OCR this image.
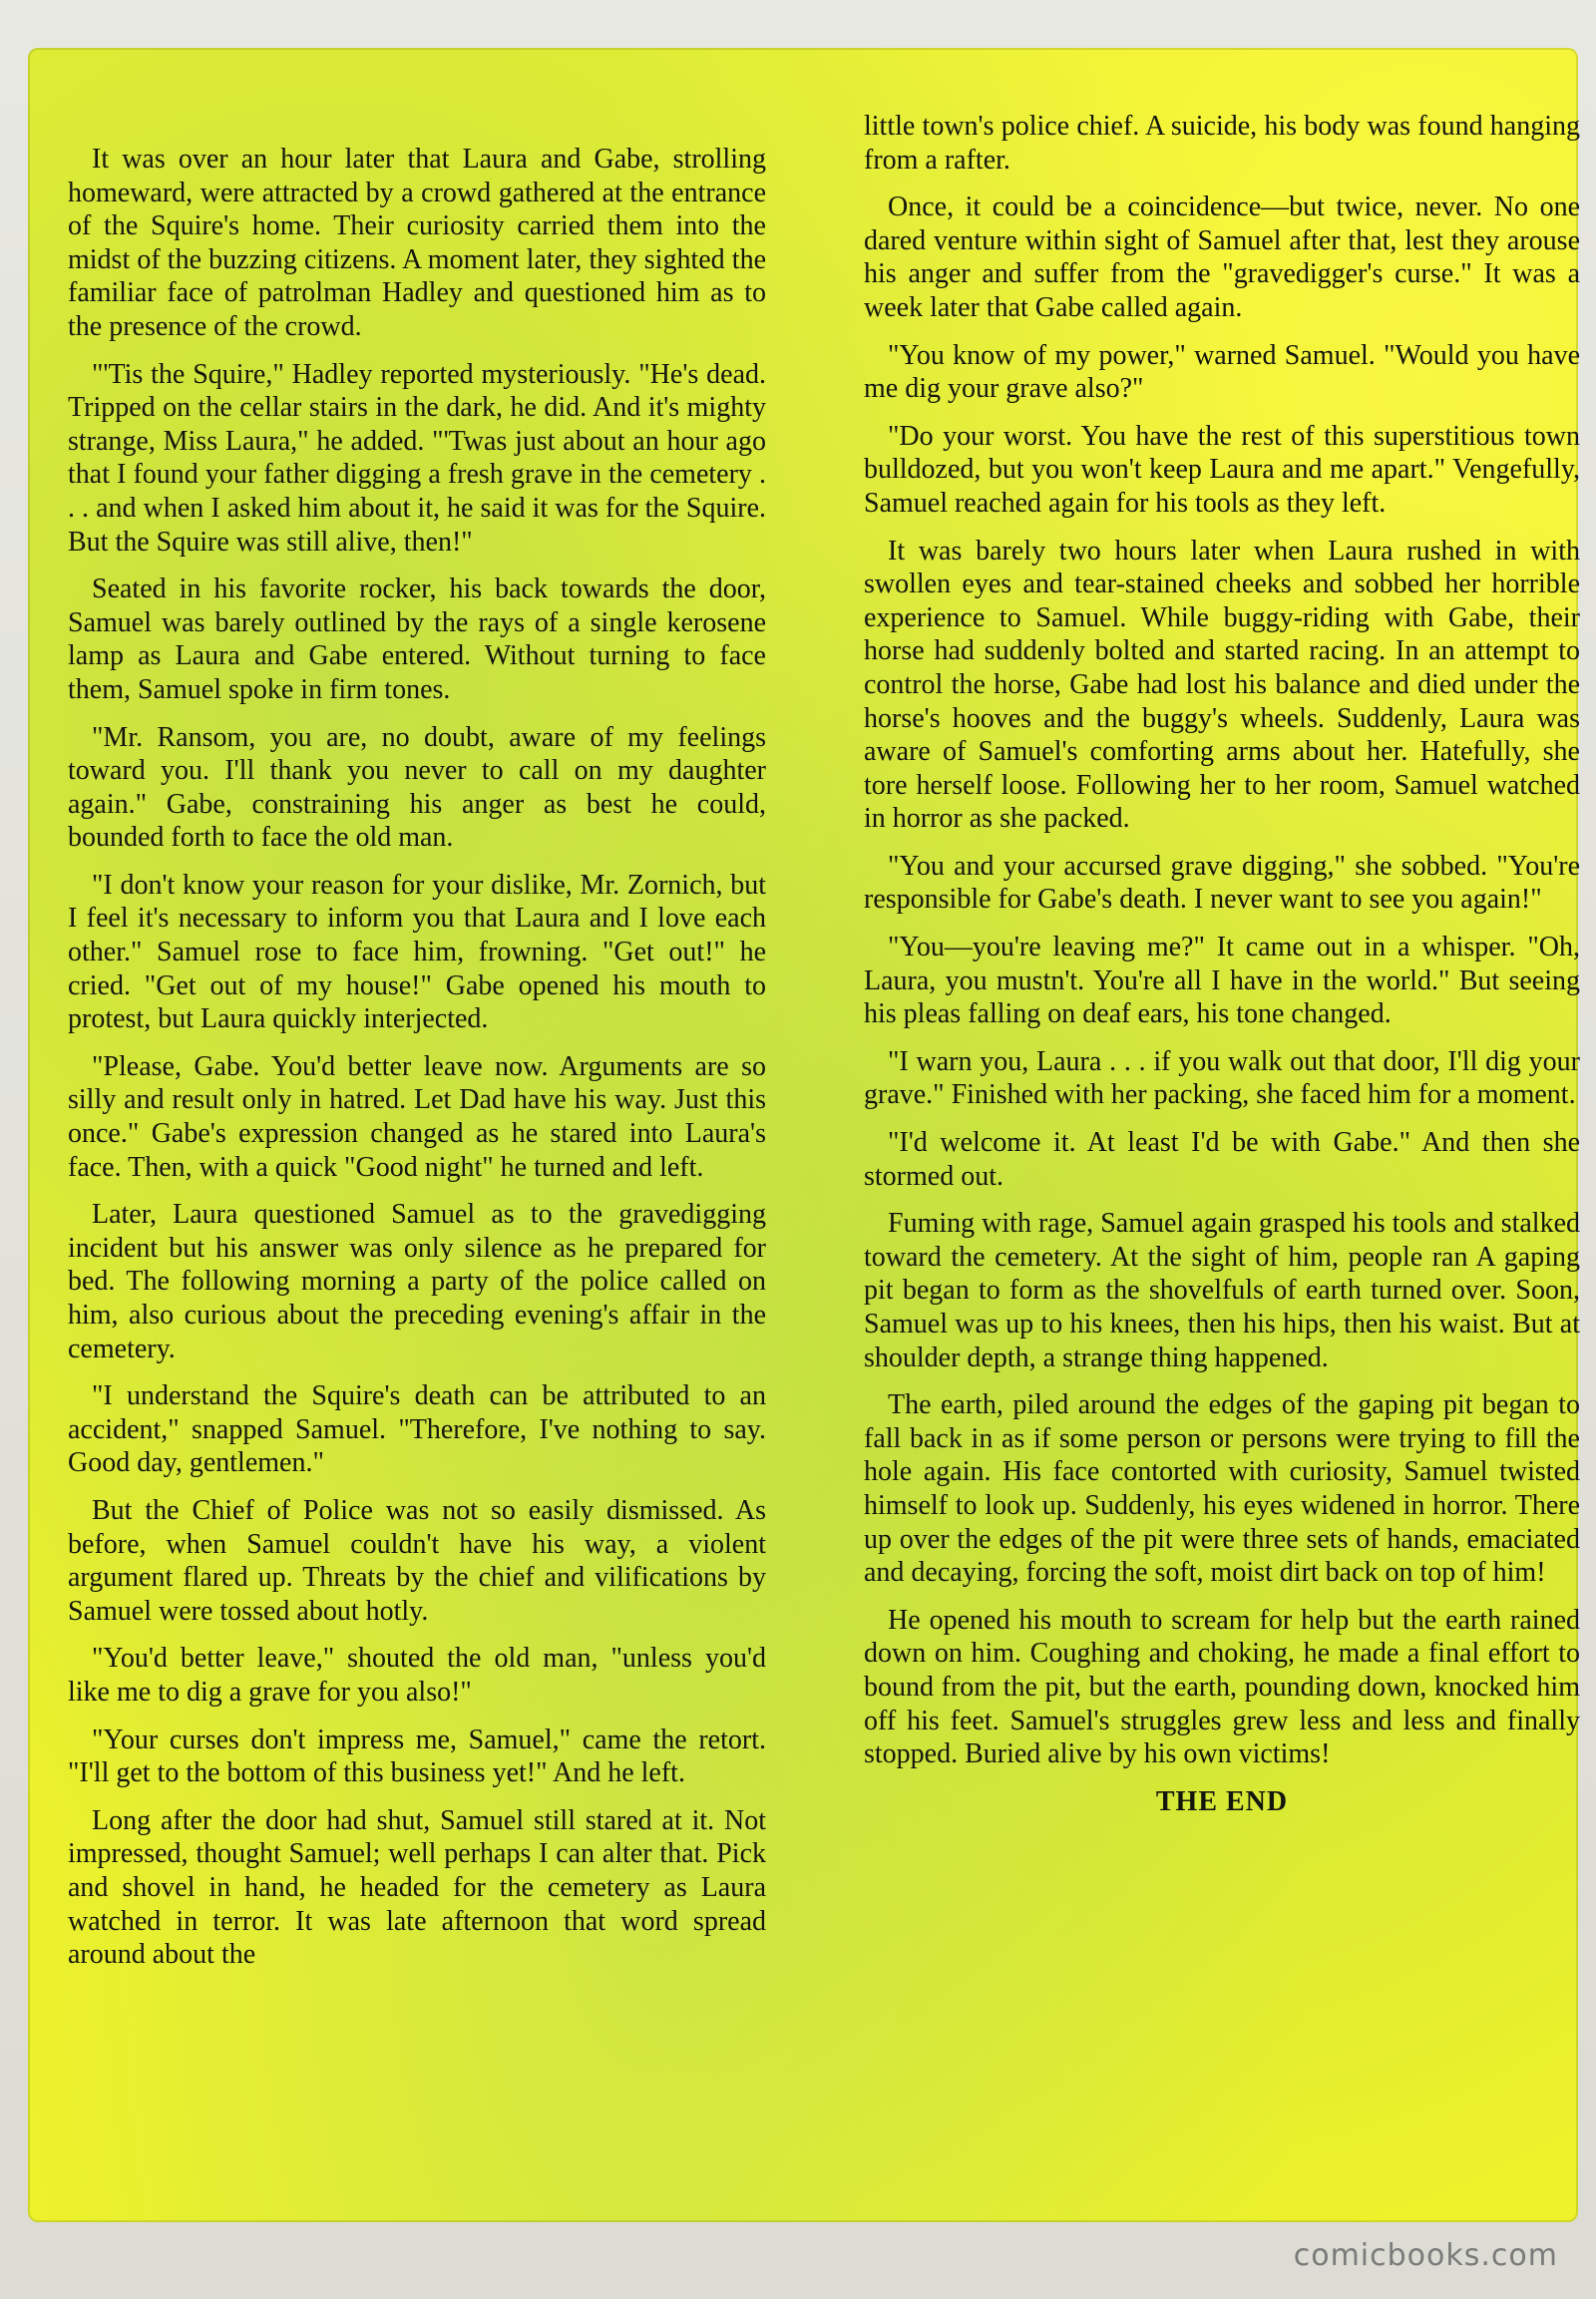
It was over an hour later that Laura and Gabe, strolling homeward, were attracted by a crowd gathered at the entrance of the Squire's home. Their curiosity carried them into the midst of the buzzing citizens. A moment later, they sighted the familiar face of patrolman Hadley and questioned him as to the presence of the crowd.

"'Tis the Squire," Hadley reported mysteriously. "He's dead. Tripped on the cellar stairs in the dark, he did. And it's mighty strange, Miss Laura," he added. "'Twas just about an hour ago that I found your father digging a fresh grave in the cemetery . . . and when I asked him about it, he said it was for the Squire. But the Squire was still alive, then!"

Seated in his favorite rocker, his back towards the door, Samuel was barely outlined by the rays of a single kerosene lamp as Laura and Gabe entered. Without turning to face them, Samuel spoke in firm tones.

"Mr. Ransom, you are, no doubt, aware of my feelings toward you. I'll thank you never to call on my daughter again." Gabe, constraining his anger as best he could, bounded forth to face the old man.

"I don't know your reason for your dislike, Mr. Zornich, but I feel it's necessary to inform you that Laura and I love each other." Samuel rose to face him, frowning. "Get out!" he cried. "Get out of my house!" Gabe opened his mouth to protest, but Laura quickly interjected.

"Please, Gabe. You'd better leave now. Arguments are so silly and result only in hatred. Let Dad have his way. Just this once." Gabe's expression changed as he stared into Laura's face. Then, with a quick "Good night" he turned and left.

Later, Laura questioned Samuel as to the gravedigging incident but his answer was only silence as he prepared for bed. The following morning a party of the police called on him, also curious about the preceding evening's affair in the cemetery.

"I understand the Squire's death can be attributed to an accident," snapped Samuel. "Therefore, I've nothing to say. Good day, gentlemen."

But the Chief of Police was not so easily dismissed. As before, when Samuel couldn't have his way, a violent argument flared up. Threats by the chief and vilifications by Samuel were tossed about hotly.

"You'd better leave," shouted the old man, "unless you'd like me to dig a grave for you also!"

"Your curses don't impress me, Samuel," came the retort. "I'll get to the bottom of this business yet!" And he left.

Long after the door had shut, Samuel still stared at it. Not impressed, thought Samuel; well perhaps I can alter that. Pick and shovel in hand, he headed for the cemetery as Laura watched in terror. It was late afternoon that word spread around about the

little town's police chief. A suicide, his body was found hanging from a rafter.

Once, it could be a coincidence—but twice, never. No one dared venture within sight of Samuel after that, lest they arouse his anger and suffer from the "gravedigger's curse." It was a week later that Gabe called again.

"You know of my power," warned Samuel. "Would you have me dig your grave also?"

"Do your worst. You have the rest of this superstitious town bulldozed, but you won't keep Laura and me apart." Vengefully, Samuel reached again for his tools as they left.

It was barely two hours later when Laura rushed in with swollen eyes and tear-stained cheeks and sobbed her horrible experience to Samuel. While buggy-riding with Gabe, their horse had suddenly bolted and started racing. In an attempt to control the horse, Gabe had lost his balance and died under the horse's hooves and the buggy's wheels. Suddenly, Laura was aware of Samuel's comforting arms about her. Hatefully, she tore herself loose. Following her to her room, Samuel watched in horror as she packed.

"You and your accursed grave digging," she sobbed. "You're responsible for Gabe's death. I never want to see you again!"

"You—you're leaving me?" It came out in a whisper. "Oh, Laura, you mustn't. You're all I have in the world." But seeing his pleas falling on deaf ears, his tone changed.

"I warn you, Laura . . . if you walk out that door, I'll dig your grave." Finished with her packing, she faced him for a moment.

"I'd welcome it. At least I'd be with Gabe." And then she stormed out.

Fuming with rage, Samuel again grasped his tools and stalked toward the cemetery. At the sight of him, people ran A gaping pit began to form as the shovelfuls of earth turned over. Soon, Samuel was up to his knees, then his hips, then his waist. But at shoulder depth, a strange thing happened.

The earth, piled around the edges of the gaping pit began to fall back in as if some person or persons were trying to fill the hole again. His face contorted with curiosity, Samuel twisted himself to look up. Suddenly, his eyes widened in horror. There up over the edges of the pit were three sets of hands, emaciated and decaying, forcing the soft, moist dirt back on top of him!

He opened his mouth to scream for help but the earth rained down on him. Coughing and choking, he made a final effort to bound from the pit, but the earth, pounding down, knocked him off his feet. Samuel's struggles grew less and less and finally stopped. Buried alive by his own victims!

THE END

comicbooks.com
